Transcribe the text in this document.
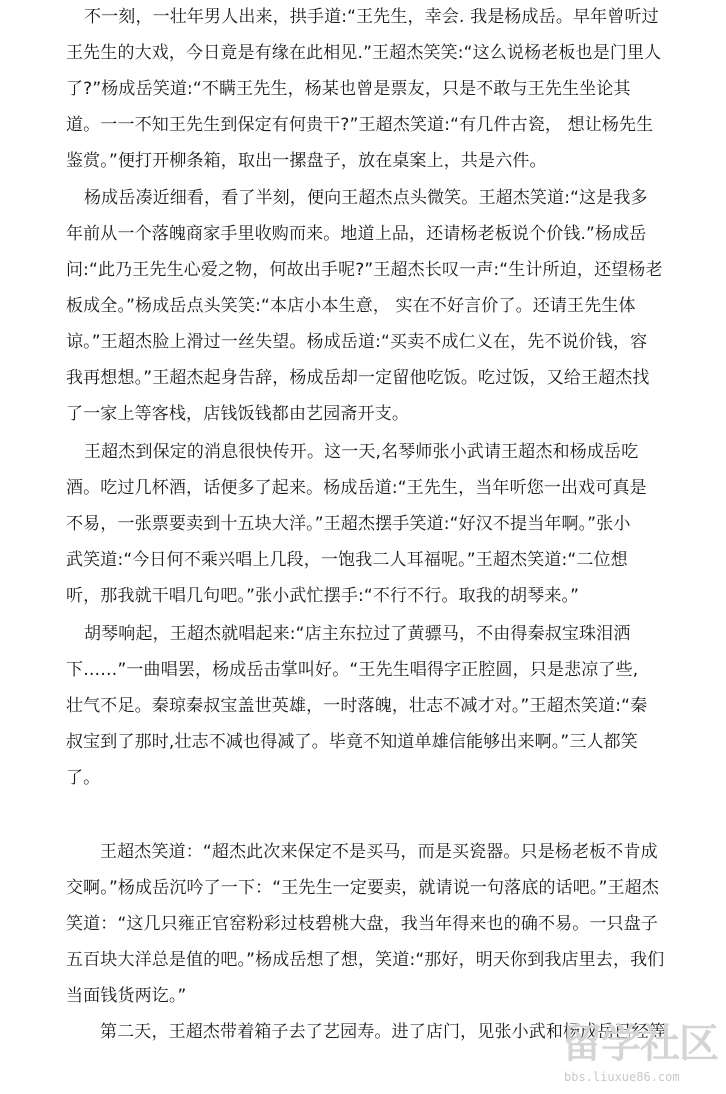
不一刻，一壮年男人出来，拱手道:“王先生，幸会. 我是杨成岳。早年曾听过
王先生的大戏，今日竟是有缘在此相见.”王超杰笑笑:“这么说杨老板也是门里人
了?”杨成岳笑道:“不瞒王先生，杨某也曾是票友，只是不敢与王先生坐论其
道。一一不知王先生到保定有何贵干?”王超杰笑道:“有几件古瓷， 想让杨先生
鉴赏。”便打开柳条箱，取出一摞盘子，放在桌案上，共是六件。
杨成岳凑近细看，看了半刻，便向王超杰点头微笑。王超杰笑道:“这是我多
年前从一个落魄商家手里收购而来。地道上品，还请杨老板说个价钱.”杨成岳
问:“此乃王先生心爱之物，何故出手呢?”王超杰长叹一声:“生计所迫，还望杨老
板成全。”杨成岳点头笑笑:“本店小本生意， 实在不好言价了。还请王先生体
谅。”王超杰脸上滑过一丝失望。杨成岳道:“买卖不成仁义在，先不说价钱，容
我再想想。”王超杰起身告辞，杨成岳却一定留他吃饭。吃过饭，又给王超杰找
了一家上等客栈，店钱饭钱都由艺园斋开支。
王超杰到保定的消息很快传开。这一天,名琴师张小武请王超杰和杨成岳吃
酒。吃过几杯酒，话便多了起来。杨成岳道:“王先生，当年听您一出戏可真是
不易，一张票要卖到十五块大洋。”王超杰摆手笑道:“好汉不提当年啊。”张小
武笑道:“今日何不乘兴唱上几段，一饱我二人耳福呢。”王超杰笑道:“二位想
听，那我就干唱几句吧。”张小武忙摆手:“不行不行。取我的胡琴来。”
胡琴响起，王超杰就唱起来:“店主东拉过了黄骠马，不由得秦叔宝珠泪洒
下……”一曲唱罢，杨成岳击掌叫好。“王先生唱得字正腔圆，只是悲凉了些,
壮气不足。秦琼秦叔宝盖世英雄，一时落魄，壮志不减才对。”王超杰笑道:“秦
叔宝到了那时,壮志不减也得减了。毕竟不知道单雄信能够出来啊。”三人都笑
了。
王超杰笑道：“超杰此次来保定不是买马，而是买瓷器。只是杨老板不肯成
交啊。”杨成岳沉吟了一下：“王先生一定要卖，就请说一句落底的话吧。”王超杰
笑道：“这几只雍正官窑粉彩过枝碧桃大盘，我当年得来也的确不易。一只盘子
五百块大洋总是值的吧。”杨成岳想了想，笑道:“那好，明天你到我店里去，我们
当面钱货两讫。”
第二天，王超杰带着箱子去了艺园寿。进了店门，见张小武和杨成岳已经等
留学社区
bbs.liuxue86.com
